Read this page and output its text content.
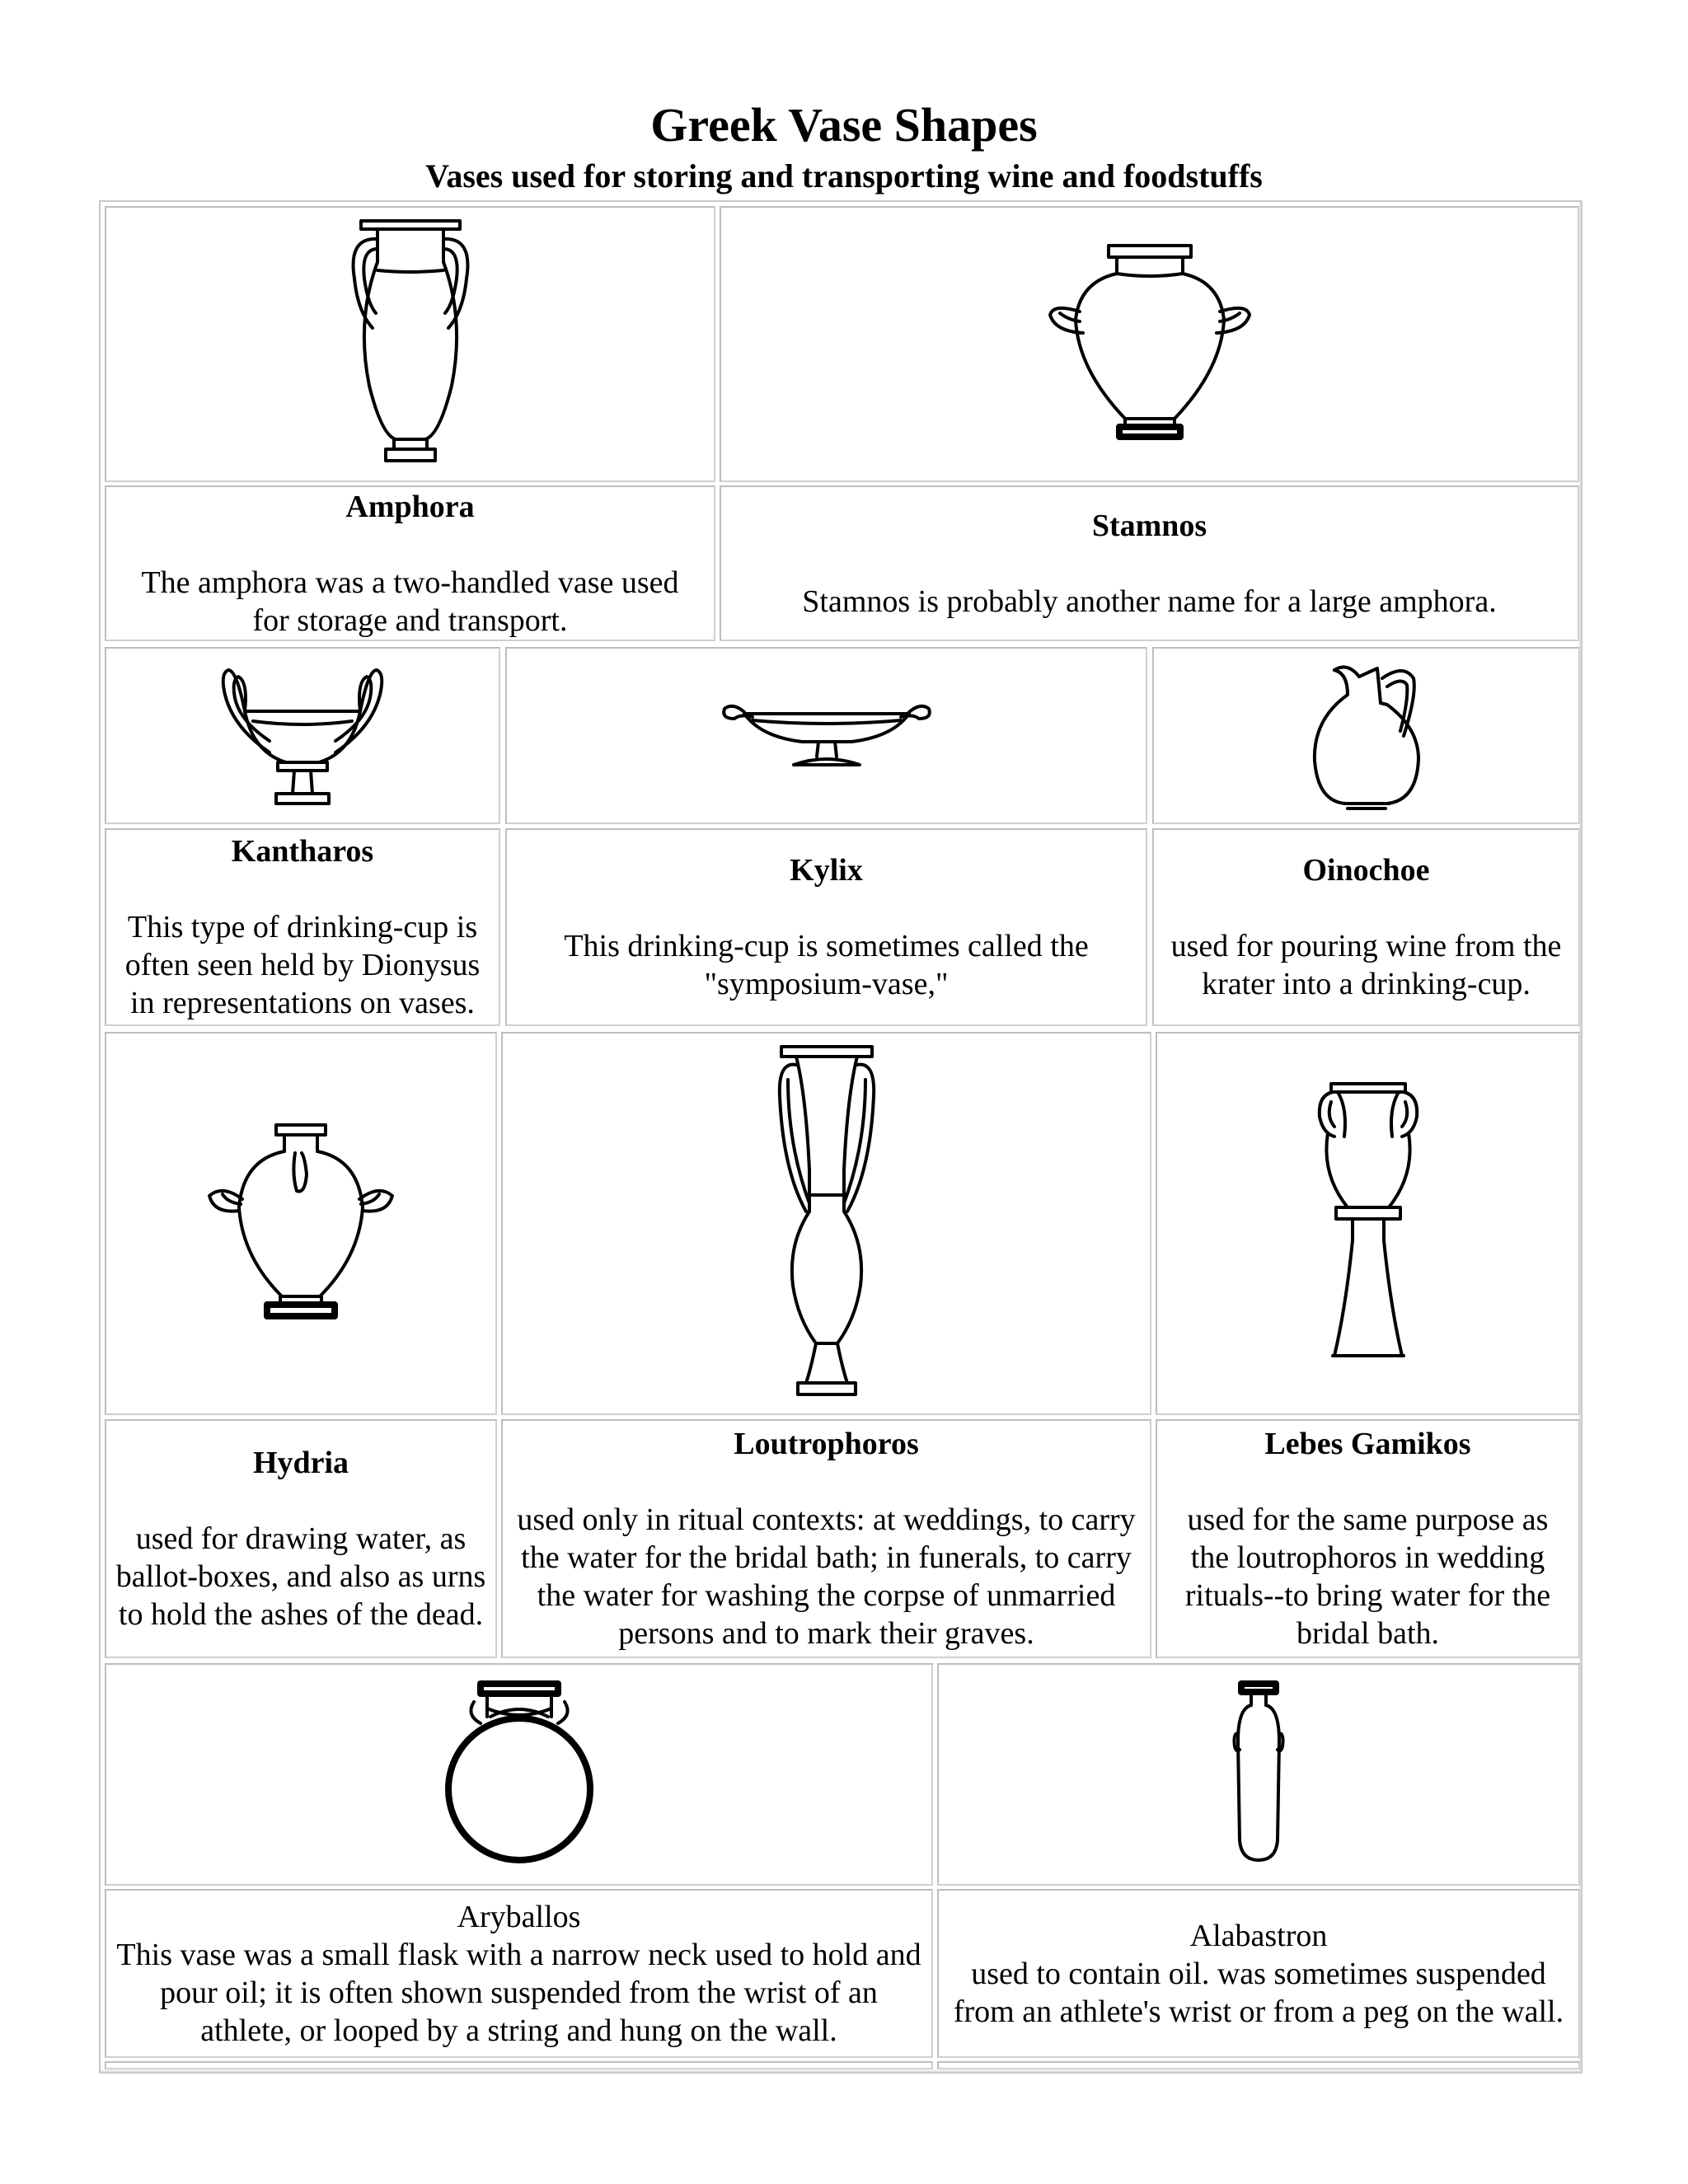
Greek Vase Shapes
Vases used for storing and transporting wine and foodstuffs
Amphora
The amphora was a two-handled vase used for storage and transport.
Stamnos
Stamnos is probably another name for a large amphora.
Kantharos
This type of drinking-cup is often seen held by Dionysus in representations on vases.
Kylix
This drinking-cup is sometimes called the "symposium-vase,"
Oinochoe
used for pouring wine from the krater into a drinking-cup.
Hydria
used for drawing water, as ballot-boxes, and also as urns to hold the ashes of the dead.
Loutrophoros
used only in ritual contexts: at weddings, to carry the water for the bridal bath; in funerals, to carry the water for washing the corpse of unmarried persons and to mark their graves.
Lebes Gamikos
used for the same purpose as the loutrophoros in wedding rituals--to bring water for the bridal bath.
Aryballos
This vase was a small flask with a narrow neck used to hold and pour oil; it is often shown suspended from the wrist of an athlete, or looped by a string and hung on the wall.
Alabastron
used to contain oil. was sometimes suspended from an athlete's wrist or from a peg on the wall.
